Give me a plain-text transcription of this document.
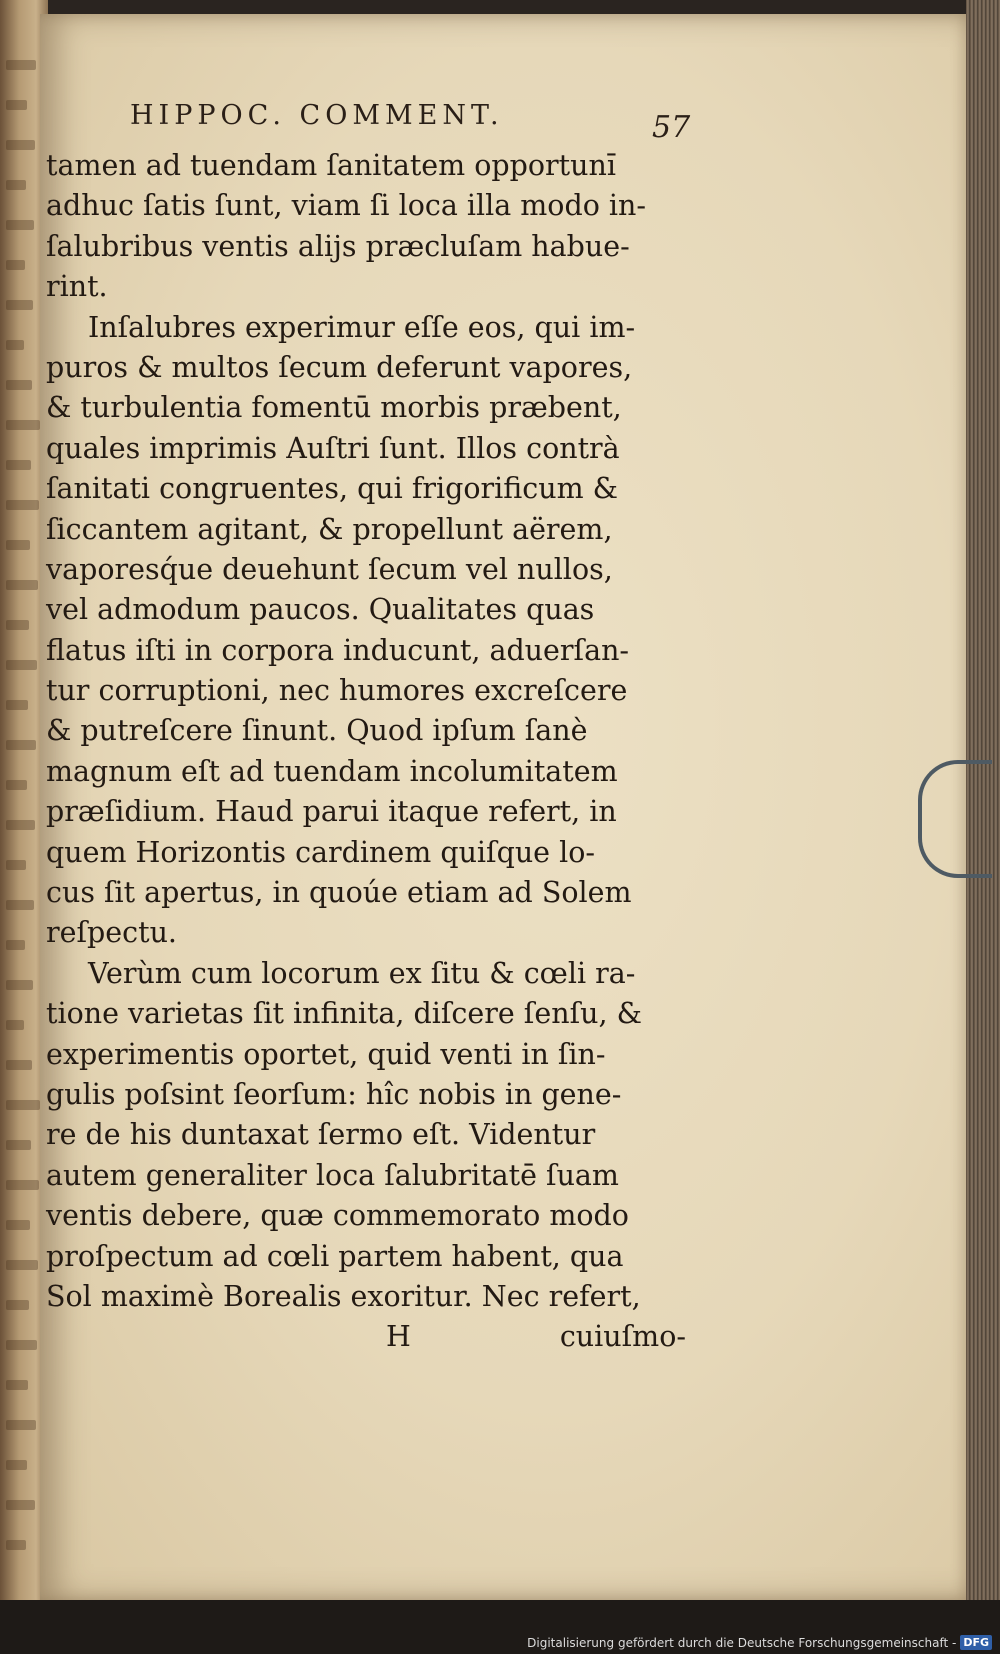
HIPPOC. COMMENT.	57
tamen ad tuendam ſanitatem opportunı̄
adhuc ſatis ſunt, viam ſi loca illa modo in-
ſalubribus ventis alijs præcluſam habue-
rint.
Inſalubres experimur eſſe eos, qui im-
puros & multos ſecum deferunt vapores,
& turbulentia fomentū morbis præbent,
quales imprimis Auſtri ſunt. Illos contrà
ſanitati congruentes, qui frigorificum &
ſiccantem agitant, & propellunt aërem,
vaporesq́ue deuehunt ſecum vel nullos,
vel admodum paucos. Qualitates quas
flatus iſti in corpora inducunt, aduerſan-
tur corruptioni, nec humores excreſcere
& putreſcere ſinunt. Quod ipſum ſanè
magnum eſt ad tuendam incolumitatem
præſidium. Haud parui itaque refert, in
quem Horizontis cardinem quiſque lo-
cus ſit apertus, in quoúe etiam ad Solem
reſpectu.
Verùm cum locorum ex ſitu & cœli ra-
tione varietas ſit infinita, diſcere ſenſu, &
experimentis oportet, quid venti in ſin-
gulis poſsint ſeorſum: hîc nobis in gene-
re de his duntaxat ſermo eſt. Videntur
autem generaliter loca ſalubritatē ſuam
ventis debere, quæ commemorato modo
proſpectum ad cœli partem habent, qua
Sol maximè Borealis exoritur. Nec refert,
H	cuiuſmo-
Digitalisierung gefördert durch die Deutsche Forschungsgemeinschaft - DFG
